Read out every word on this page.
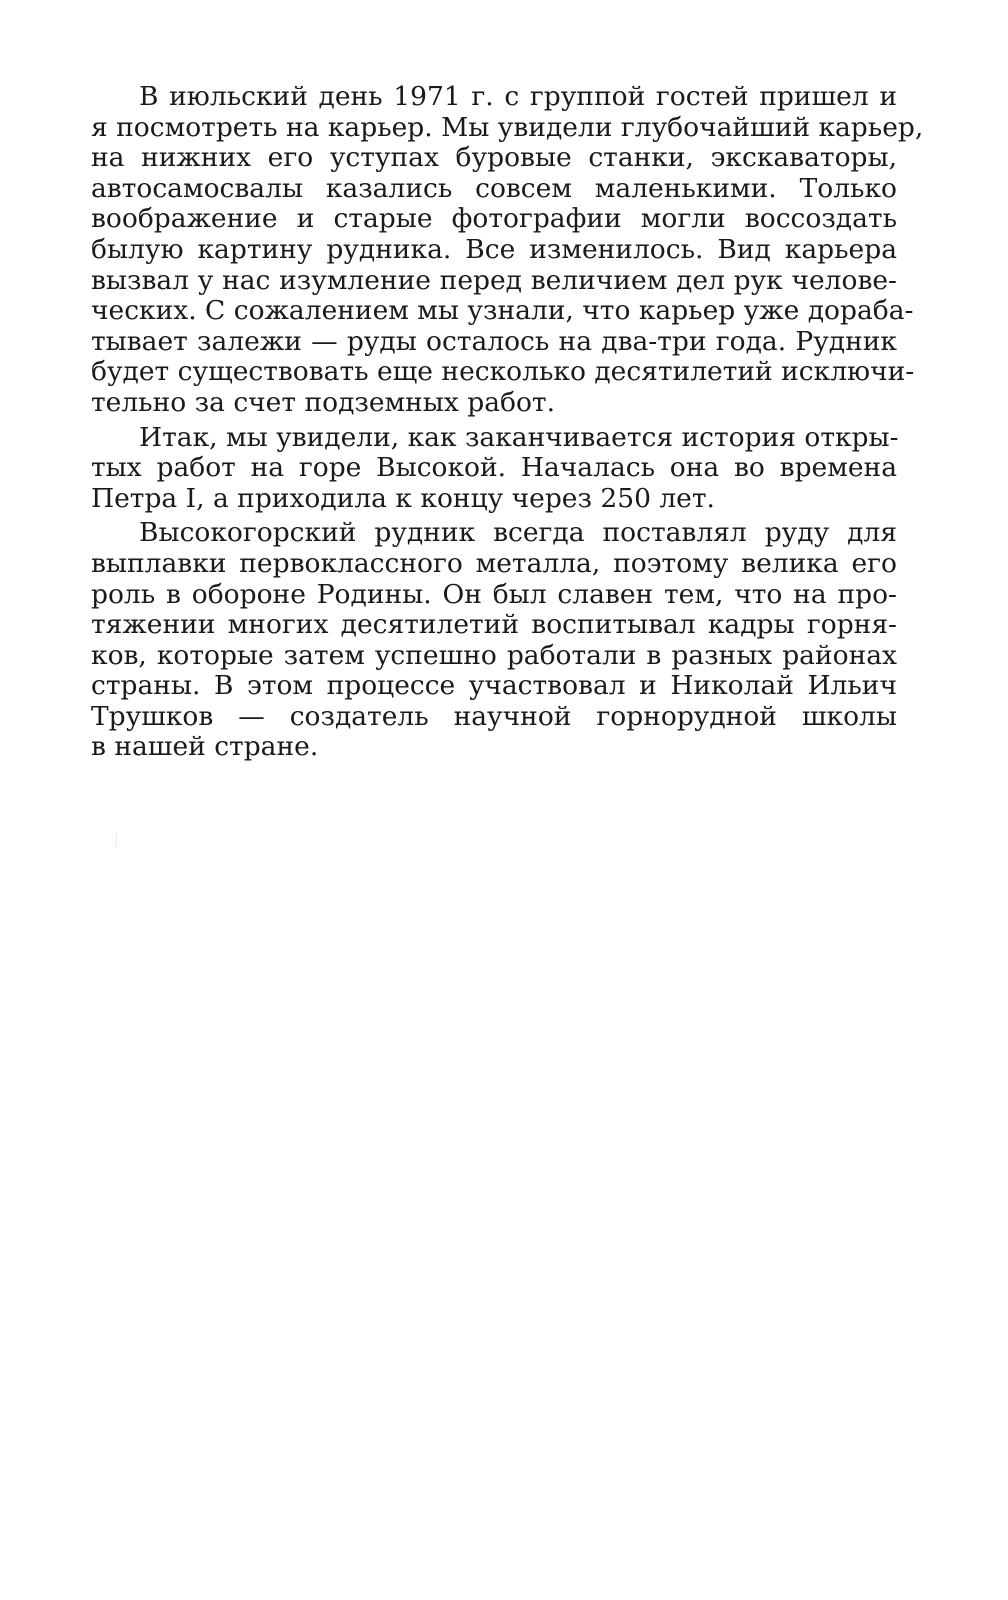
В июльский день 1971 г. с группой гостей пришел и
я посмотреть на карьер. Мы увидели глубочайший карьер,
на нижних его уступах буровые станки, экскаваторы,
автосамосвалы казались совсем маленькими. Только
воображение и старые фотографии могли воссоздать
былую картину рудника. Все изменилось. Вид карьера
вызвал у нас изумление перед величием дел рук челове-
ческих. С сожалением мы узнали, что карьер уже дораба-
тывает залежи — руды осталось на два-три года. Рудник
будет существовать еще несколько десятилетий исключи-
тельно за счет подземных работ.

Итак, мы увидели, как заканчивается история откры-
тых работ на горе Высокой. Началась она во времена
Петра I, а приходила к концу через 250 лет.

Высокогорский рудник всегда поставлял руду для
выплавки первоклассного металла, поэтому велика его
роль в обороне Родины. Он был славен тем, что на про-
тяжении многих десятилетий воспитывал кадры горня-
ков, которые затем успешно работали в разных районах
страны. В этом процессе участвовал и Николай Ильич
Трушков — создатель научной горнорудной школы
в нашей стране.
